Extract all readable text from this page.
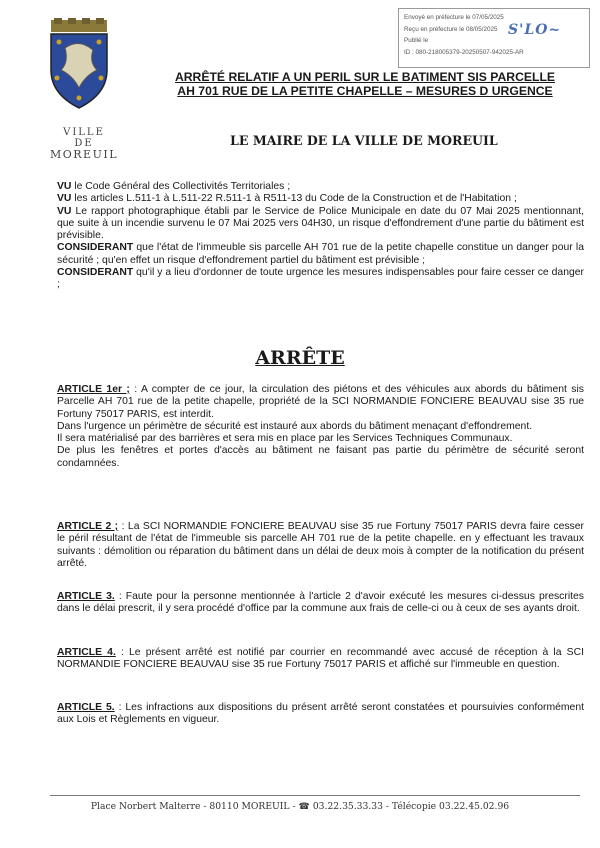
Envoyé en préfecture le 07/05/2025
Reçu en préfecture le 08/05/2025
Publié le
ID : 080-218005379-20250507-942025-AR
S'LO~
VILLE
DE
MOREUIL
ARRÊTÉ RELATIF A UN PERIL SUR LE BATIMENT SIS PARCELLE
AH 701 RUE DE LA PETITE CHAPELLE – MESURES D URGENCE
LE MAIRE DE LA VILLE DE MOREUIL

VU le Code Général des Collectivités Territoriales ;

VU les articles L.511-1 à L.511-22 R.511-1 à R511-13 du Code de la Construction et de l'Habitation ;

VU Le rapport photographique établi par le Service de Police Municipale en date du 07 Mai 2025 mentionnant, que suite à un incendie survenu le 07 Mai 2025 vers 04H30, un risque d'effondrement d'une partie du bâtiment est prévisible.

CONSIDERANT que l'état de l'immeuble sis parcelle AH 701 rue de la petite chapelle constitue un danger pour la sécurité ; qu'en effet un risque d'effondrement partiel du bâtiment est prévisible ;

CONSIDERANT qu'il y a lieu d'ordonner de toute urgence les mesures indispensables pour faire cesser ce danger ;

ARRÊTE

ARTICLE 1er ; : A compter de ce jour, la circulation des piétons et des véhicules aux abords du bâtiment sis Parcelle AH 701 rue de la petite chapelle, propriété de la SCI NORMANDIE FONCIERE BEAUVAU sise 35 rue Fortuny 75017 PARIS, est interdit.

Dans l'urgence un périmètre de sécurité est instauré aux abords du bâtiment menaçant d'effondrement.

Il sera matérialisé par des barrières et sera mis en place par les Services Techniques Communaux.

De plus les fenêtres et portes d'accès au bâtiment ne faisant pas partie du périmètre de sécurité seront condamnées.

ARTICLE 2 ; : La SCI NORMANDIE FONCIERE BEAUVAU sise 35 rue Fortuny 75017 PARIS devra faire cesser le péril résultant de l'état de l'immeuble sis parcelle AH 701 rue de la petite chapelle. en y effectuant les travaux suivants : démolition ou réparation du bâtiment dans un délai de deux mois à compter de la notification du présent arrêté.

ARTICLE 3. : Faute pour la personne mentionnée à l'article 2 d'avoir exécuté les mesures ci-dessus prescrites dans le délai prescrit, il y sera procédé d'office par la commune aux frais de celle-ci ou à ceux de ses ayants droit.

ARTICLE 4. : Le présent arrêté est notifié par courrier en recommandé avec accusé de réception à la SCI NORMANDIE FONCIERE BEAUVAU sise 35 rue Fortuny 75017 PARIS et affiché sur l'immeuble en question.

ARTICLE 5. : Les infractions aux dispositions du présent arrêté seront constatées et poursuivies conformément aux Lois et Règlements en vigueur.

Place Norbert Malterre - 80110 MOREUIL - ☎ 03.22.35.33.33 - Télécopie 03.22.45.02.96
